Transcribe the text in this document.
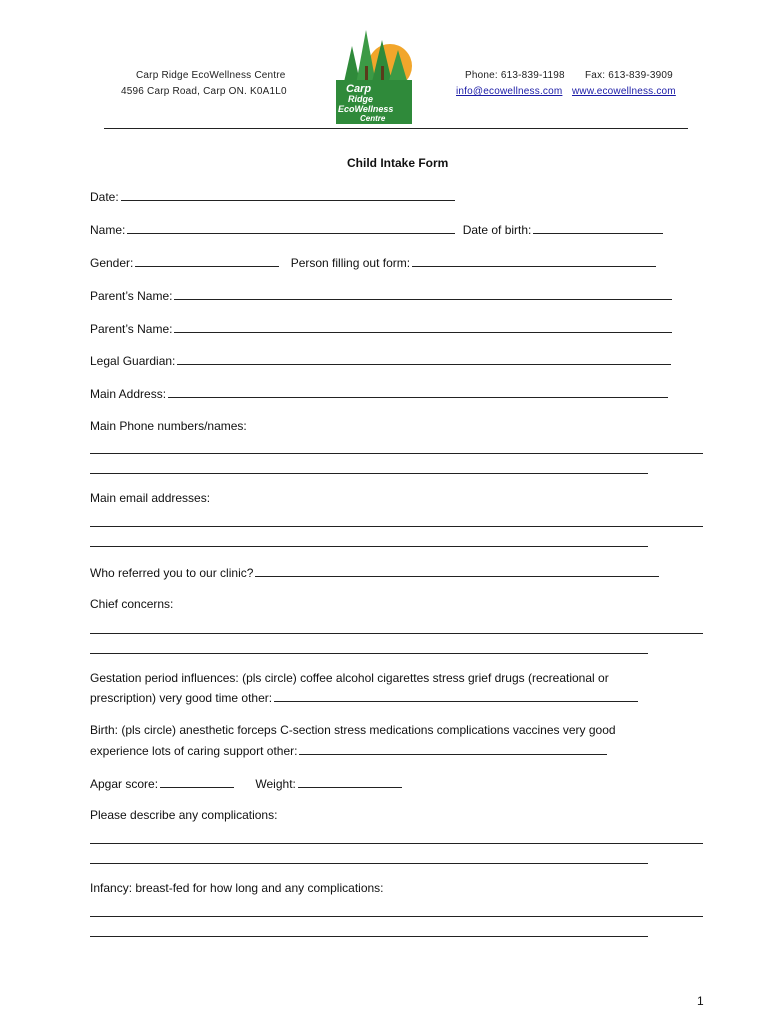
Carp Ridge EcoWellness Centre
4596 Carp Road, Carp ON. K0A1L0	Carp
Ridge
EcoWellness
Centre
Phone: 613-839-1198 Fax: 613-839-3909
info@ecowellness.com www.ecowellness.com
Child Intake Form
Date:
Name:	Date of birth:
Gender:	Person filling out form:
Parent’s Name:
Parent’s Name:
Legal Guardian:
Main Address:
Main Phone numbers/names:
Main email addresses:
Who referred you to our clinic?
Chief concerns:
Gestation period influences: (pls circle) coffee alcohol cigarettes stress grief drugs (recreational or
prescription) very good time other:
Birth: (pls circle) anesthetic forceps C-section stress medications complications vaccines very good
experience lots of caring support other:
Apgar score:	Weight:
Please describe any complications:
Infancy: breast-fed for how long and any complications:
1
